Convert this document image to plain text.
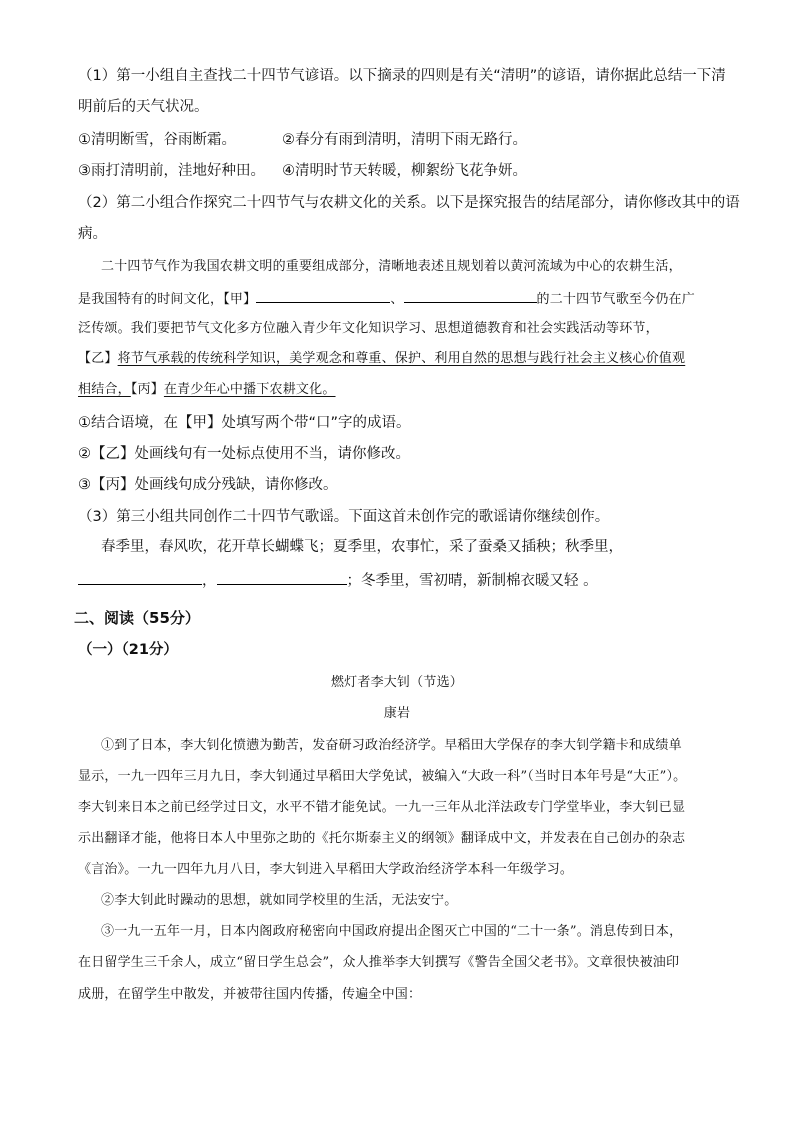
（1）第一小组自主查找二十四节气谚语。以下摘录的四则是有关“清明”的谚语，请你据此总结一下清
明前后的天气状况。
①清明断雪，谷雨断霜。	②春分有雨到清明，清明下雨无路行。
③雨打清明前，洼地好种田。 ④清明时节天转暖，柳絮纷飞花争妍。
（2）第二小组合作探究二十四节气与农耕文化的关系。以下是探究报告的结尾部分，请你修改其中的语
病。
二十四节气作为我国农耕文明的重要组成部分，清晰地表述且规划着以黄河流域为中心的农耕生活，
是我国特有的时间文化，【甲】	、	的二十四节气歌至今仍在广
泛传颂。我们要把节气文化多方位融入青少年文化知识学习、思想道德教育和社会实践活动等环节，
【乙】将节气承载的传统科学知识，美学观念和尊重、保护、利用自然的思想与践行社会主义核心价值观
相结合，【丙】在青少年心中播下农耕文化。
①结合语境，在【甲】处填写两个带“口”字的成语。
②【乙】处画线句有一处标点使用不当，请你修改。
③【丙】处画线句成分残缺，请你修改。
（3）第三小组共同创作二十四节气歌谣。下面这首未创作完的歌谣请你继续创作。
春季里，春风吹，花开草长蝴蝶飞；夏季里，农事忙，采了蚕桑又插秧；秋季里，
，	；冬季里，雪初晴，新制棉衣暖又轻 。
二、阅读（55分）
（一）（21分）
燃灯者李大钊（节选）
康岩
①到了日本，李大钊化愤懑为勤苦，发奋研习政治经济学。早稻田大学保存的李大钊学籍卡和成绩单
显示，一九一四年三月九日，李大钊通过早稻田大学免试，被编入“大政一科”（当时日本年号是“大正”）。
李大钊来日本之前已经学过日文，水平不错才能免试。一九一三年从北洋法政专门学堂毕业，李大钊已显
示出翻译才能，他将日本人中里弥之助的《托尔斯泰主义的纲领》翻译成中文，并发表在自己创办的杂志
《言治》。一九一四年九月八日，李大钊进入早稻田大学政治经济学本科一年级学习。
②李大钊此时躁动的思想，就如同学校里的生活，无法安宁。
③一九一五年一月，日本内阁政府秘密向中国政府提出企图灭亡中国的“二十一条”。消息传到日本，
在日留学生三千余人，成立“留日学生总会”，众人推举李大钊撰写《警告全国父老书》。文章很快被油印
成册，在留学生中散发，并被带往国内传播，传遍全中国：
